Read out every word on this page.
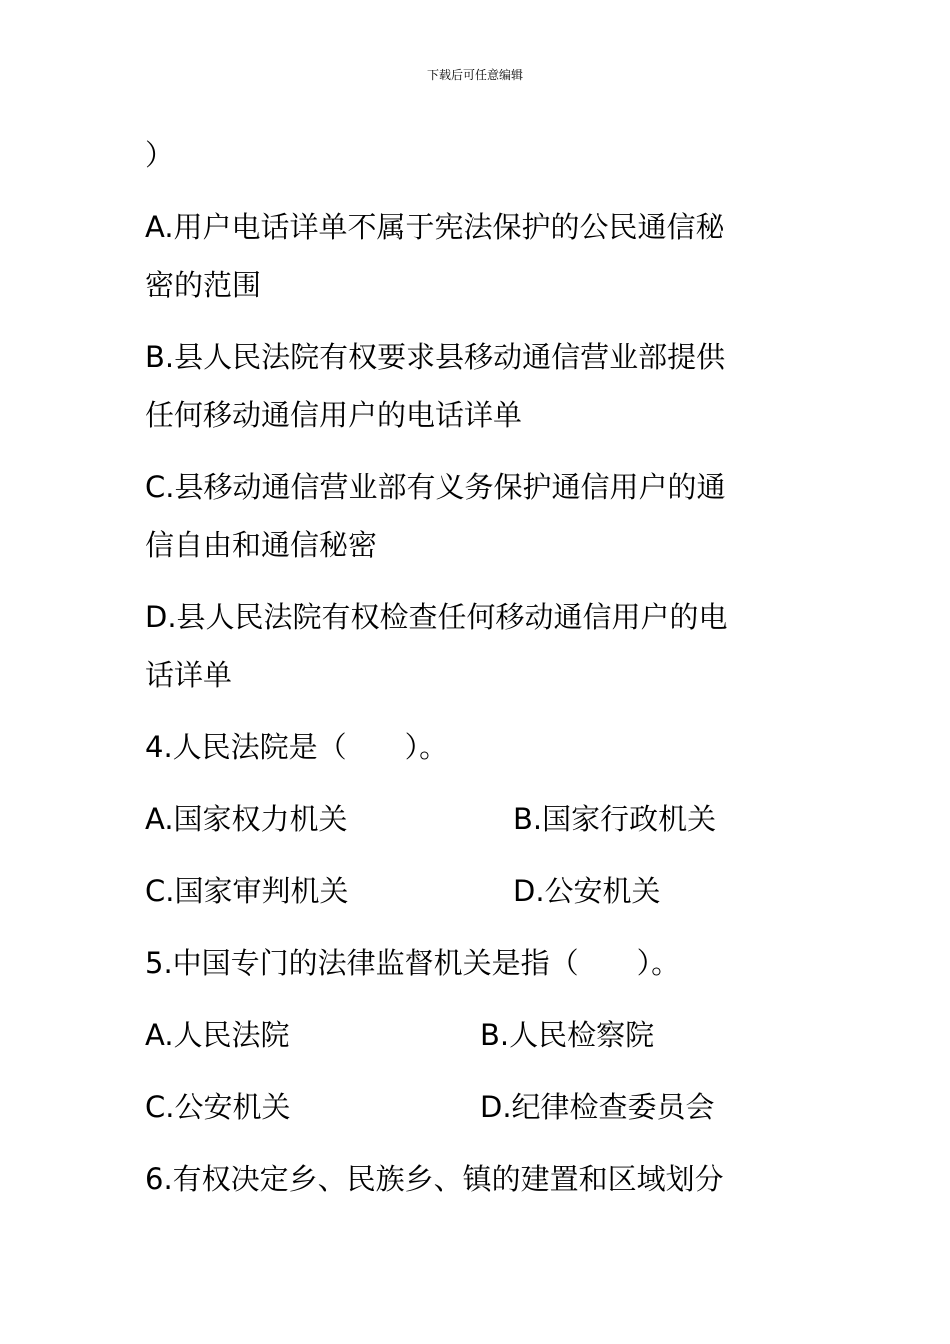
下载后可任意编辑
）
A.用户电话详单不属于宪法保护的公民通信秘
密的范围
B.县人民法院有权要求县移动通信营业部提供
任何移动通信用户的电话详单
C.县移动通信营业部有义务保护通信用户的通
信自由和通信秘密
D.县人民法院有权检查任何移动通信用户的电
话详单
4.人民法院是（　　）。
A.国家权力机关	B.国家行政机关
C.国家审判机关	D.公安机关
5.中国专门的法律监督机关是指（　　）。
A.人民法院	B.人民检察院
C.公安机关	D.纪律检查委员会
6.有权决定乡、民族乡、镇的建置和区域划分
